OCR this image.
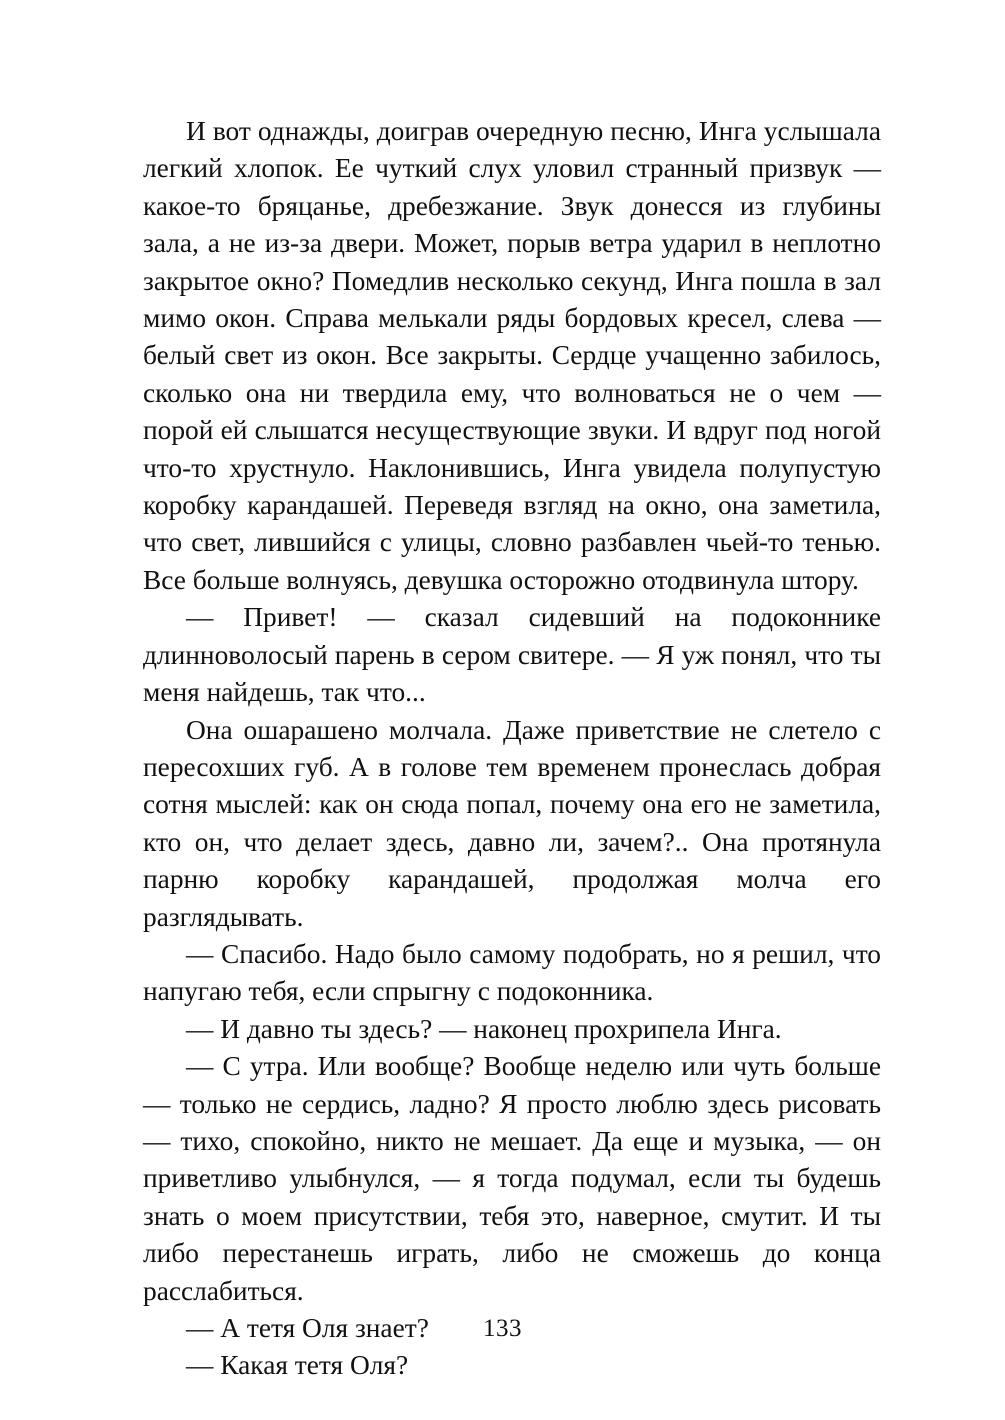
И вот однажды, доиграв очередную песню, Инга услышала легкий хлопок. Ее чуткий слух уловил странный призвук — какое-то бряцанье, дребезжание. Звук донесся из глубины зала, а не из-за двери. Может, порыв ветра ударил в неплотно закрытое окно? Помедлив несколько секунд, Инга пошла в зал мимо окон. Справа мелькали ряды бордовых кресел, слева — белый свет из окон. Все закрыты. Сердце учащенно забилось, сколько она ни твердила ему, что волноваться не о чем — порой ей слышатся несуществующие звуки. И вдруг под ногой что-то хрустнуло. Наклонившись, Инга увидела полупустую коробку карандашей. Переведя взгляд на окно, она заметила, что свет, лившийся с улицы, словно разбавлен чьей-то тенью. Все больше волнуясь, девушка осторожно отодвинула штору.

— Привет! — сказал сидевший на подоконнике длинноволосый парень в сером свитере. — Я уж понял, что ты меня найдешь, так что...

Она ошарашено молчала. Даже приветствие не слетело с пересохших губ. А в голове тем временем пронеслась добрая сотня мыслей: как он сюда попал, почему она его не заметила, кто он, что делает здесь, давно ли, зачем?.. Она протянула парню коробку карандашей, продолжая молча его разглядывать.

— Спасибо. Надо было самому подобрать, но я решил, что напугаю тебя, если спрыгну с подоконника.

— И давно ты здесь? — наконец прохрипела Инга.

— С утра. Или вообще? Вообще неделю или чуть больше — только не сердись, ладно? Я просто люблю здесь рисовать — тихо, спокойно, никто не мешает. Да еще и музыка, — он приветливо улыбнулся, — я тогда подумал, если ты будешь знать о моем присутствии, тебя это, наверное, смутит. И ты либо перестанешь играть, либо не сможешь до конца расслабиться.

— А тетя Оля знает?

— Какая тетя Оля?

133
